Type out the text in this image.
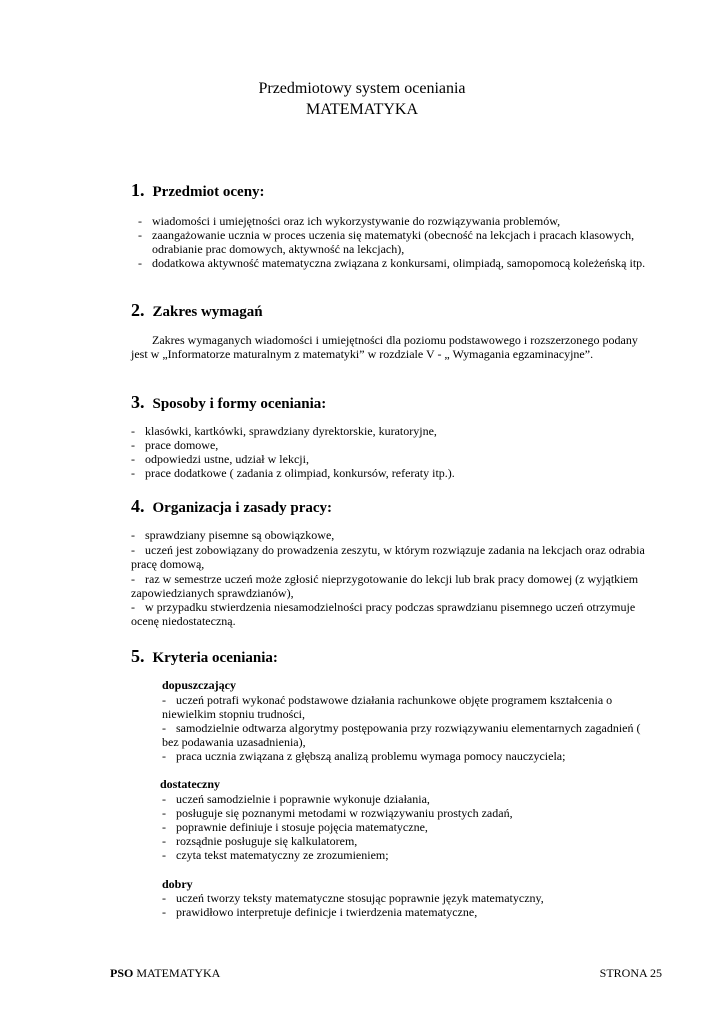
Przedmiotowy system oceniania
MATEMATYKA
1. Przedmiot oceny:
- wiadomości i umiejętności oraz ich wykorzystywanie do rozwiązywania problemów,
- zaangażowanie ucznia w proces uczenia się matematyki (obecność na lekcjach i pracach klasowych,
odrabianie prac domowych, aktywność na lekcjach),
- dodatkowa aktywność matematyczna związana z konkursami, olimpiadą, samopomocą koleżeńską itp.
2. Zakres wymagań
Zakres wymaganych wiadomości i umiejętności dla poziomu podstawowego i rozszerzonego podany
jest w „Informatorze maturalnym z matematyki” w rozdziale V - „ Wymagania egzaminacyjne”.
3. Sposoby i formy oceniania:
- klasówki, kartkówki, sprawdziany dyrektorskie, kuratoryjne,
- prace domowe,
- odpowiedzi ustne, udział w lekcji,
- prace dodatkowe ( zadania z olimpiad, konkursów, referaty itp.).
4. Organizacja i zasady pracy:
- sprawdziany pisemne są obowiązkowe,
- uczeń jest zobowiązany do prowadzenia zeszytu, w którym rozwiązuje zadania na lekcjach oraz odrabia
pracę domową,
- raz w semestrze uczeń może zgłosić nieprzygotowanie do lekcji lub brak pracy domowej (z wyjątkiem
zapowiedzianych sprawdzianów),
- w przypadku stwierdzenia niesamodzielności pracy podczas sprawdzianu pisemnego uczeń otrzymuje
ocenę niedostateczną.
5. Kryteria oceniania:
dopuszczający
- uczeń potrafi wykonać podstawowe działania rachunkowe objęte programem kształcenia o
niewielkim stopniu trudności,
- samodzielnie odtwarza algorytmy postępowania przy rozwiązywaniu elementarnych zagadnień (
bez podawania uzasadnienia),
- praca ucznia związana z głębszą analizą problemu wymaga pomocy nauczyciela;
dostateczny
- uczeń samodzielnie i poprawnie wykonuje działania,
- posługuje się poznanymi metodami w rozwiązywaniu prostych zadań,
- poprawnie definiuje i stosuje pojęcia matematyczne,
- rozsądnie posługuje się kalkulatorem,
- czyta tekst matematyczny ze zrozumieniem;
dobry
- uczeń tworzy teksty matematyczne stosując poprawnie język matematyczny,
- prawidłowo interpretuje definicje i twierdzenia matematyczne,
PSO MATEMATYKA	STRONA 25
